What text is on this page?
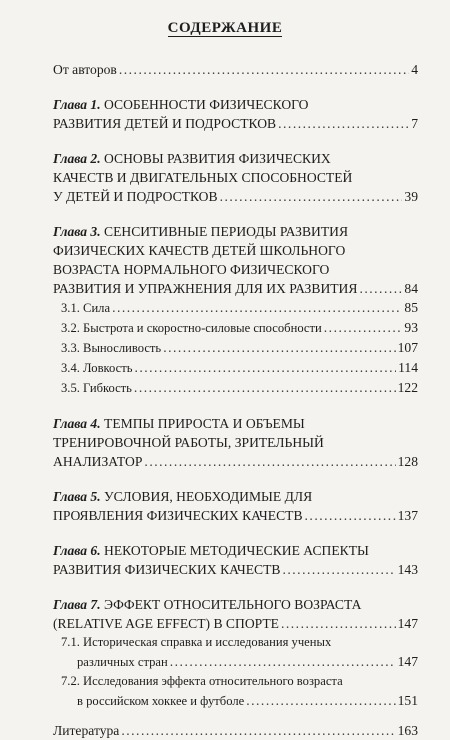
СОДЕРЖАНИЕ
От авторов .....	4
Глава 1. ОСОБЕННОСТИ ФИЗИЧЕСКОГО
РАЗВИТИЯ ДЕТЕЙ И ПОДРОСТКОВ .....	7
Глава 2. ОСНОВЫ РАЗВИТИЯ ФИЗИЧЕСКИХ
КАЧЕСТВ И ДВИГАТЕЛЬНЫХ СПОСОБНОСТЕЙ
У ДЕТЕЙ И ПОДРОСТКОВ .....	39
Глава 3. СЕНСИТИВНЫЕ ПЕРИОДЫ РАЗВИТИЯ
ФИЗИЧЕСКИХ КАЧЕСТВ ДЕТЕЙ ШКОЛЬНОГО
ВОЗРАСТА НОРМАЛЬНОГО ФИЗИЧЕСКОГО
РАЗВИТИЯ И УПРАЖНЕНИЯ ДЛЯ ИХ РАЗВИТИЯ .....	84
3.1. Сила .....	85
3.2. Быстрота и скоростно-силовые способности .....	93
3.3. Выносливость .....	107
3.4. Ловкость .....	114
3.5. Гибкость .....	122
Глава 4. ТЕМПЫ ПРИРОСТА И ОБЪЕМЫ
ТРЕНИРОВОЧНОЙ РАБОТЫ, ЗРИТЕЛЬНЫЙ
АНАЛИЗАТОР .....	128
Глава 5. УСЛОВИЯ, НЕОБХОДИМЫЕ ДЛЯ
ПРОЯВЛЕНИЯ ФИЗИЧЕСКИХ КАЧЕСТВ .....	137
Глава 6. НЕКОТОРЫЕ МЕТОДИЧЕСКИЕ АСПЕКТЫ
РАЗВИТИЯ ФИЗИЧЕСКИХ КАЧЕСТВ .....	143
Глава 7. ЭФФЕКТ ОТНОСИТЕЛЬНОГО ВОЗРАСТА
(RELATIVE AGE EFFECT) В СПОРТЕ .....	147
7.1. Историческая справка и исследования ученых
различных стран .....	147
7.2. Исследования эффекта относительного возраста
в российском хоккее и футболе .....	151
Литература .....	163
